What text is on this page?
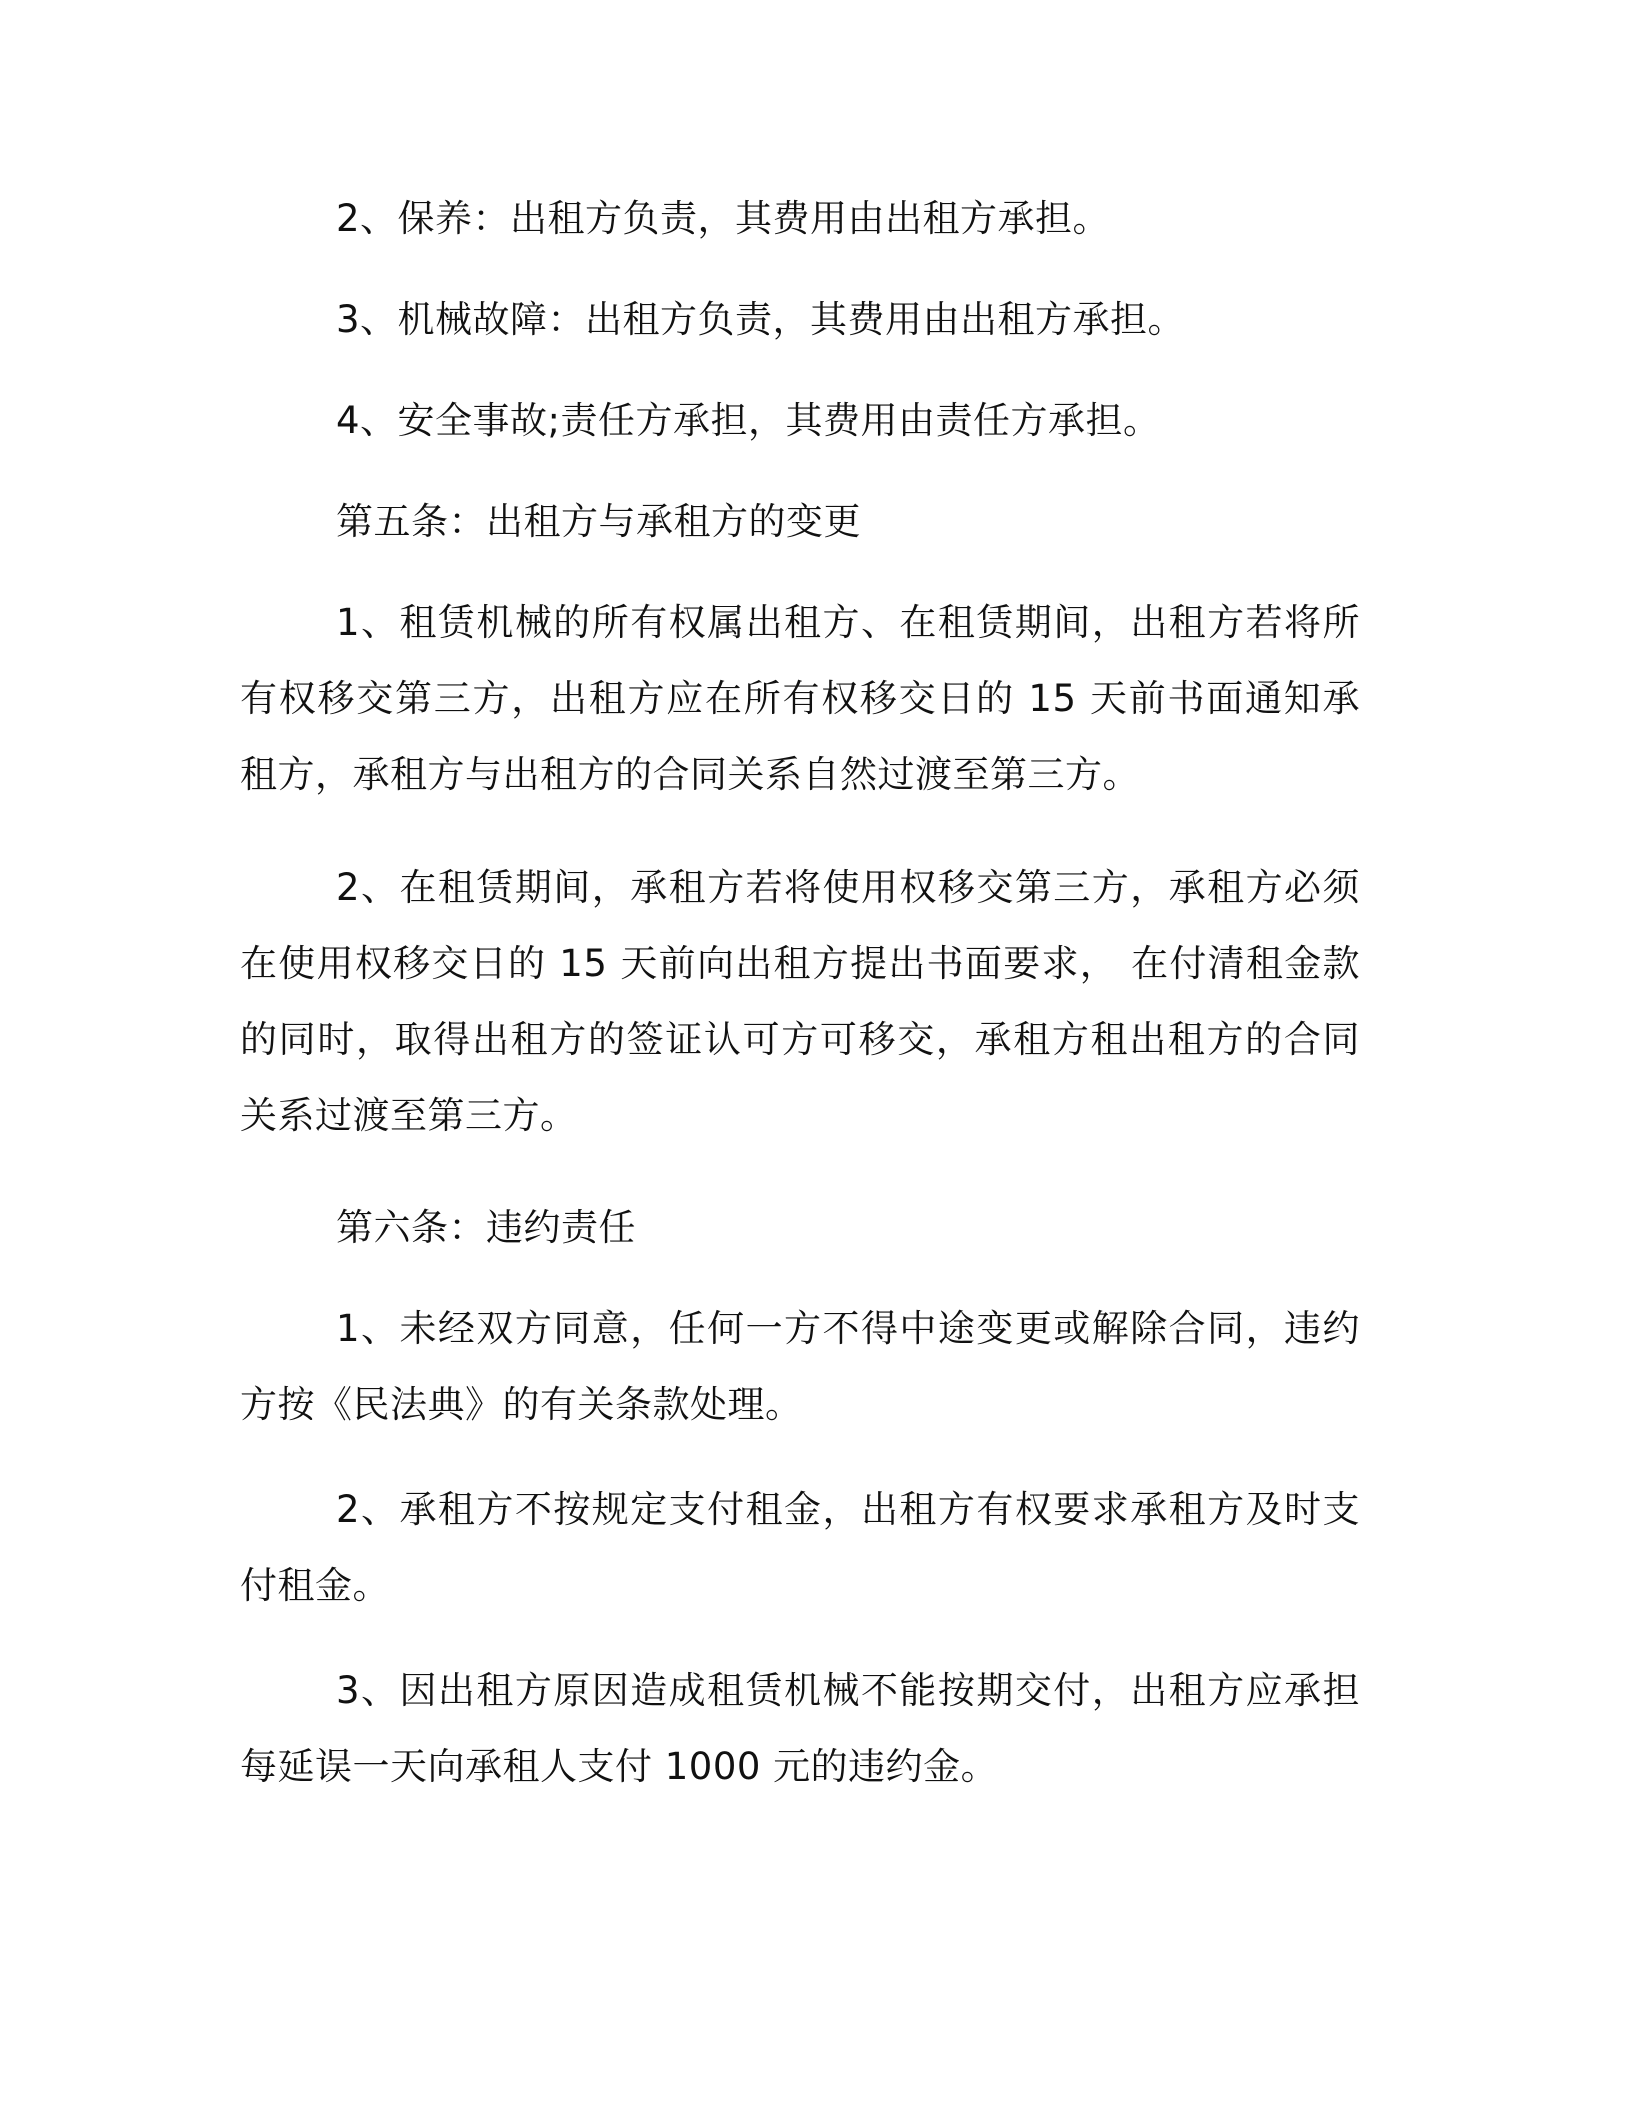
2、保养：出租方负责，其费用由出租方承担。

3、机械故障：出租方负责，其费用由出租方承担。

4、安全事故;责任方承担，其费用由责任方承担。

第五条：出租方与承租方的变更

1、租赁机械的所有权属出租方、在租赁期间，出租方若将所有权移交第三方，出租方应在所有权移交日的 15 天前书面通知承租方，承租方与出租方的合同关系自然过渡至第三方。

2、在租赁期间，承租方若将使用权移交第三方，承租方必须在使用权移交日的 15 天前向出租方提出书面要求， 在付清租金款的同时，取得出租方的签证认可方可移交，承租方租出租方的合同关系过渡至第三方。

第六条：违约责任

1、未经双方同意，任何一方不得中途变更或解除合同，违约方按《民法典》的有关条款处理。

2、承租方不按规定支付租金，出租方有权要求承租方及时支付租金。

3、因出租方原因造成租赁机械不能按期交付，出租方应承担每延误一天向承租人支付 1000 元的违约金。
